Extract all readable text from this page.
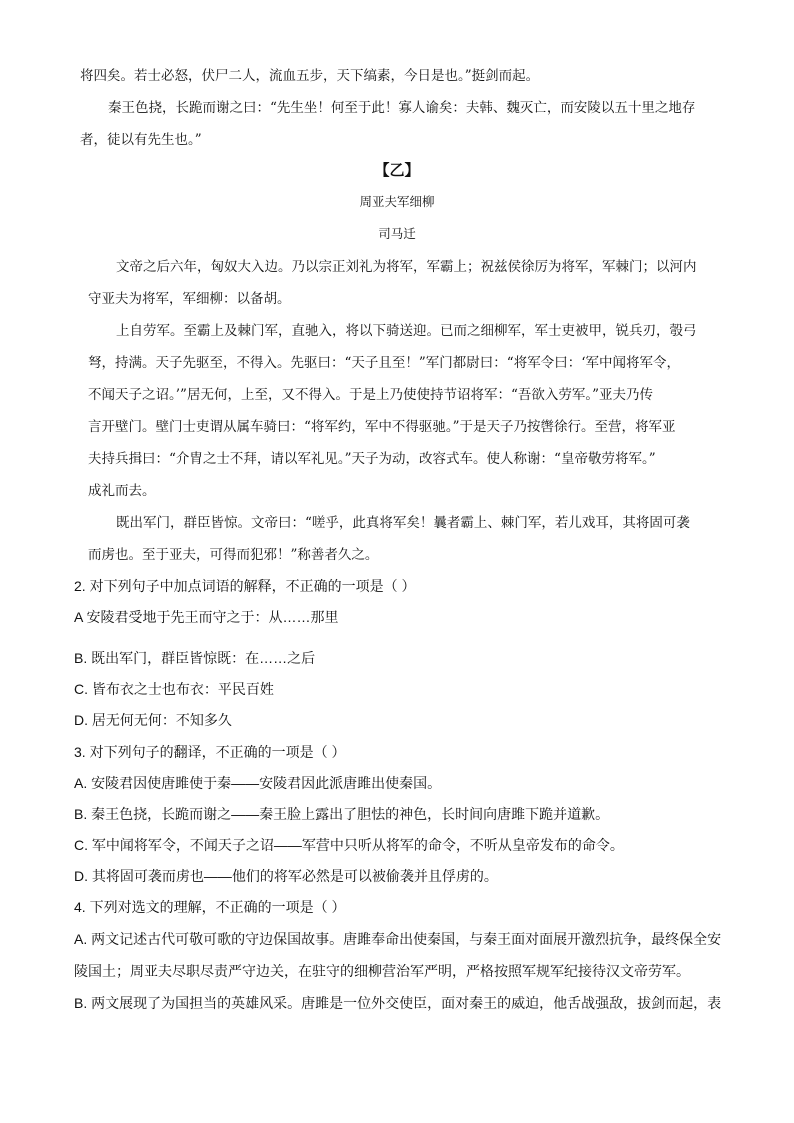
将四矣。若士必怒，伏尸二人，流血五步，天下缟素，今日是也。”挺剑而起。
秦王色挠，长跪而谢之曰：“先生坐！何至于此！寡人谕矣：夫韩、魏灭亡，而安陵以五十里之地存
者，徒以有先生也。”
【乙】
周亚夫军细柳
司马迁
文帝之后六年，匈奴大入边。乃以宗正刘礼为将军，军霸上；祝兹侯徐厉为将军，军棘门；以河内
守亚夫为将军，军细柳：以备胡。
上自劳军。至霸上及棘门军，直驰入，将以下骑送迎。已而之细柳军，军士吏被甲，锐兵刃，彀弓
弩，持满。天子先驱至，不得入。先驱曰：“天子且至！”军门都尉曰：“将军令曰：‘军中闻将军令，
不闻天子之诏。’”居无何，上至，又不得入。于是上乃使使持节诏将军：“吾欲入劳军。”亚夫乃传
言开壁门。壁门士吏谓从属车骑曰：“将军约，军中不得驱驰。”于是天子乃按辔徐行。至营，将军亚
夫持兵揖曰：“介胄之士不拜，请以军礼见。”天子为动，改容式车。使人称谢：“皇帝敬劳将军。”
成礼而去。
既出军门，群臣皆惊。文帝曰：“嗟乎，此真将军矣！曩者霸上、棘门军，若儿戏耳，其将固可袭
而虏也。至于亚夫，可得而犯邪！”称善者久之。
2. 对下列句子中加点词语的解释，不正确的一项是（ ）
A 安陵君受地于先王而守之于：从……那里
B. 既出军门，群臣皆惊既：在……之后
C. 皆布衣之士也布衣：平民百姓
D. 居无何无何：不知多久
3. 对下列句子的翻译，不正确的一项是（ ）
A. 安陵君因使唐雎使于秦——安陵君因此派唐雎出使秦国。
B. 秦王色挠，长跪而谢之——秦王脸上露出了胆怯的神色，长时间向唐雎下跪并道歉。
C. 军中闻将军令，不闻天子之诏——军营中只听从将军的命令，不听从皇帝发布的命令。
D. 其将固可袭而虏也——他们的将军必然是可以被偷袭并且俘虏的。
4. 下列对选文的理解，不正确的一项是（ ）
A. 两文记述古代可敬可歌的守边保国故事。唐雎奉命出使秦国，与秦王面对面展开激烈抗争，最终保全安
陵国土；周亚夫尽职尽责严守边关，在驻守的细柳营治军严明，严格按照军规军纪接待汉文帝劳军。
B. 两文展现了为国担当的英雄风采。唐雎是一位外交使臣，面对秦王的威迫，他舌战强敌，拔剑而起，表
